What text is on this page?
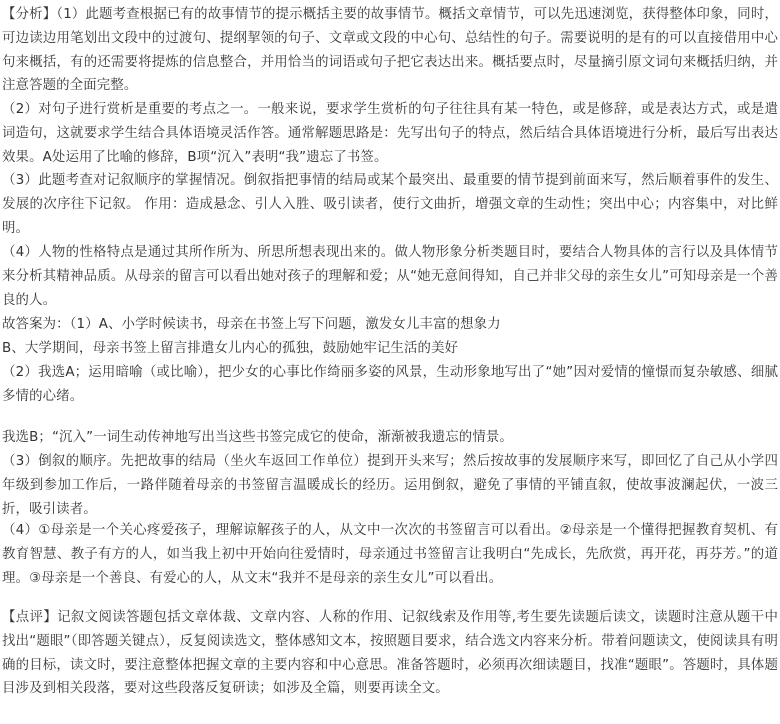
【分析】（1）此题考查根据已有的故事情节的提示概括主要的故事情节。概括文章情节，可以先迅速浏览，获得整体印象，同时，可边读边用笔划出文段中的过渡句、提纲挈领的句子、文章或文段的中心句、总结性的句子。需要说明的是有的可以直接借用中心句来概括，有的还需要将提炼的信息整合，并用恰当的词语或句子把它表达出来。概括要点时，尽量摘引原文词句来概括归纳，并注意答题的全面完整。
（2）对句子进行赏析是重要的考点之一。一般来说，要求学生赏析的句子往往具有某一特色，或是修辞，或是表达方式，或是遣词造句，这就要求学生结合具体语境灵活作答。通常解题思路是：先写出句子的特点，然后结合具体语境进行分析，最后写出表达效果。A处运用了比喻的修辞，B项“沉入”表明“我”遗忘了书签。
（3）此题考查对记叙顺序的掌握情况。倒叙指把事情的结局或某个最突出、最重要的情节提到前面来写，然后顺着事件的发生、发展的次序往下记叙。 作用：造成悬念、引人入胜、吸引读者，使行文曲折，增强文章的生动性；突出中心；内容集中，对比鲜明。
（4）人物的性格特点是通过其所作所为、所思所想表现出来的。做人物形象分析类题目时，要结合人物具体的言行以及具体情节来分析其精神品质。从母亲的留言可以看出她对孩子的理解和爱；从“她无意间得知，自己并非父母的亲生女儿”可知母亲是一个善良的人。
故答案为：（1）A、小学时候读书，母亲在书签上写下问题，激发女儿丰富的想象力
B、大学期间，母亲书签上留言排遣女儿内心的孤独，鼓励她牢记生活的美好
（2）我选A；运用暗喻（或比喻），把少女的心事比作绮丽多姿的风景，生动形象地写出了“她”因对爱情的憧憬而复杂敏感、细腻多情的心绪。
我选B；“沉入”一词生动传神地写出当这些书签完成它的使命，渐渐被我遗忘的情景。
（3）倒叙的顺序。先把故事的结局（坐火车返回工作单位）提到开头来写；然后按故事的发展顺序来写，即回忆了自己从小学四年级到参加工作后，一路伴随着母亲的书签留言温暖成长的经历。运用倒叙，避免了事情的平铺直叙，使故事波澜起伏，一波三折，吸引读者。
（4）①母亲是一个关心疼爱孩子，理解谅解孩子的人，从文中一次次的书签留言可以看出。②母亲是一个懂得把握教育契机、有教育智慧、教子有方的人，如当我上初中开始向往爱情时，母亲通过书签留言让我明白“先成长，先欣赏，再开花，再芬芳。”的道理。③母亲是一个善良、有爱心的人，从文末“我并不是母亲的亲生女儿”可以看出。
【点评】记叙文阅读答题包括文章体裁、文章内容、人称的作用、记叙线索及作用等,考生要先读题后读文，读题时注意从题干中找出“题眼”（即答题关键点），反复阅读选文，整体感知文本，按照题目要求，结合选文内容来分析。带着问题读文，使阅读具有明确的目标，读文时，要注意整体把握文章的主要内容和中心意思。准备答题时，必须再次细读题目，找准“题眼”。答题时，具体题目涉及到相关段落，要对这些段落反复研读；如涉及全篇，则要再读全文。
